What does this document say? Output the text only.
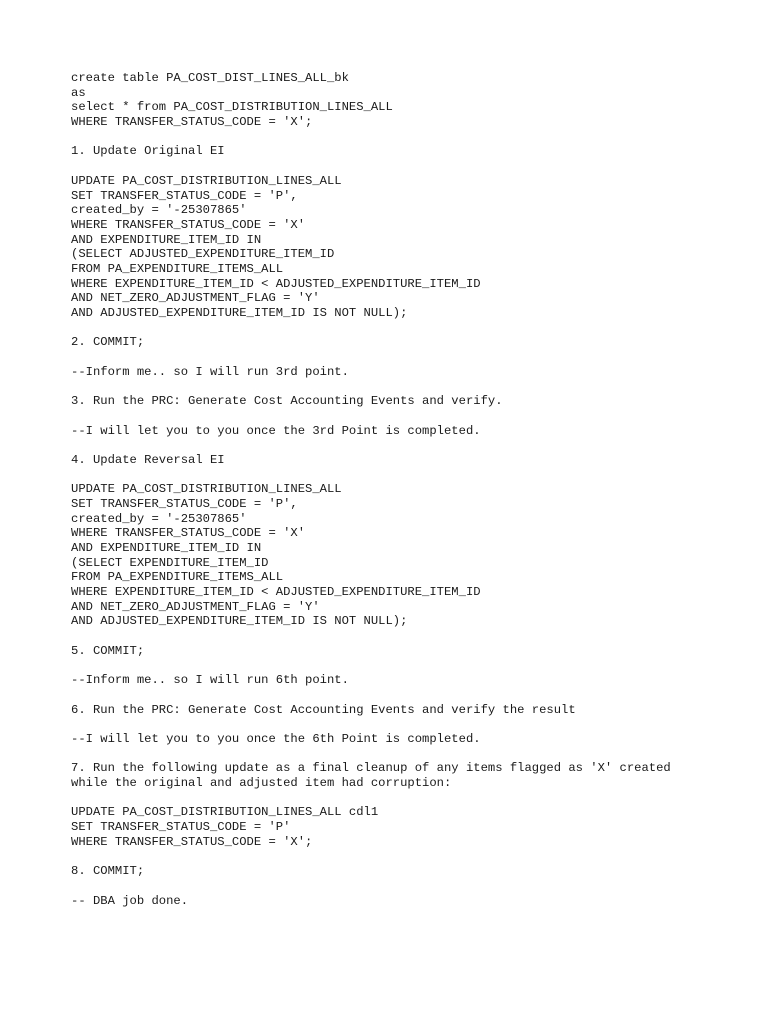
create table PA_COST_DIST_LINES_ALL_bk
as
select * from PA_COST_DISTRIBUTION_LINES_ALL
WHERE TRANSFER_STATUS_CODE = 'X';
1. Update Original EI
UPDATE PA_COST_DISTRIBUTION_LINES_ALL
SET TRANSFER_STATUS_CODE = 'P',
created_by = '-25307865'
WHERE TRANSFER_STATUS_CODE = 'X'
AND EXPENDITURE_ITEM_ID IN
(SELECT ADJUSTED_EXPENDITURE_ITEM_ID
FROM PA_EXPENDITURE_ITEMS_ALL
WHERE EXPENDITURE_ITEM_ID < ADJUSTED_EXPENDITURE_ITEM_ID
AND NET_ZERO_ADJUSTMENT_FLAG = 'Y'
AND ADJUSTED_EXPENDITURE_ITEM_ID IS NOT NULL);
2. COMMIT;
--Inform me.. so I will run 3rd point.
3. Run the PRC: Generate Cost Accounting Events and verify.
--I will let you to you once the 3rd Point is completed.
4. Update Reversal EI
UPDATE PA_COST_DISTRIBUTION_LINES_ALL
SET TRANSFER_STATUS_CODE = 'P',
created_by = '-25307865'
WHERE TRANSFER_STATUS_CODE = 'X'
AND EXPENDITURE_ITEM_ID IN
(SELECT EXPENDITURE_ITEM_ID
FROM PA_EXPENDITURE_ITEMS_ALL
WHERE EXPENDITURE_ITEM_ID < ADJUSTED_EXPENDITURE_ITEM_ID
AND NET_ZERO_ADJUSTMENT_FLAG = 'Y'
AND ADJUSTED_EXPENDITURE_ITEM_ID IS NOT NULL);
5. COMMIT;
--Inform me.. so I will run 6th point.
6. Run the PRC: Generate Cost Accounting Events and verify the result
--I will let you to you once the 6th Point is completed.
7. Run the following update as a final cleanup of any items flagged as 'X' created
while the original and adjusted item had corruption:
UPDATE PA_COST_DISTRIBUTION_LINES_ALL cdl1
SET TRANSFER_STATUS_CODE = 'P'
WHERE TRANSFER_STATUS_CODE = 'X';
8. COMMIT;
-- DBA job done.
